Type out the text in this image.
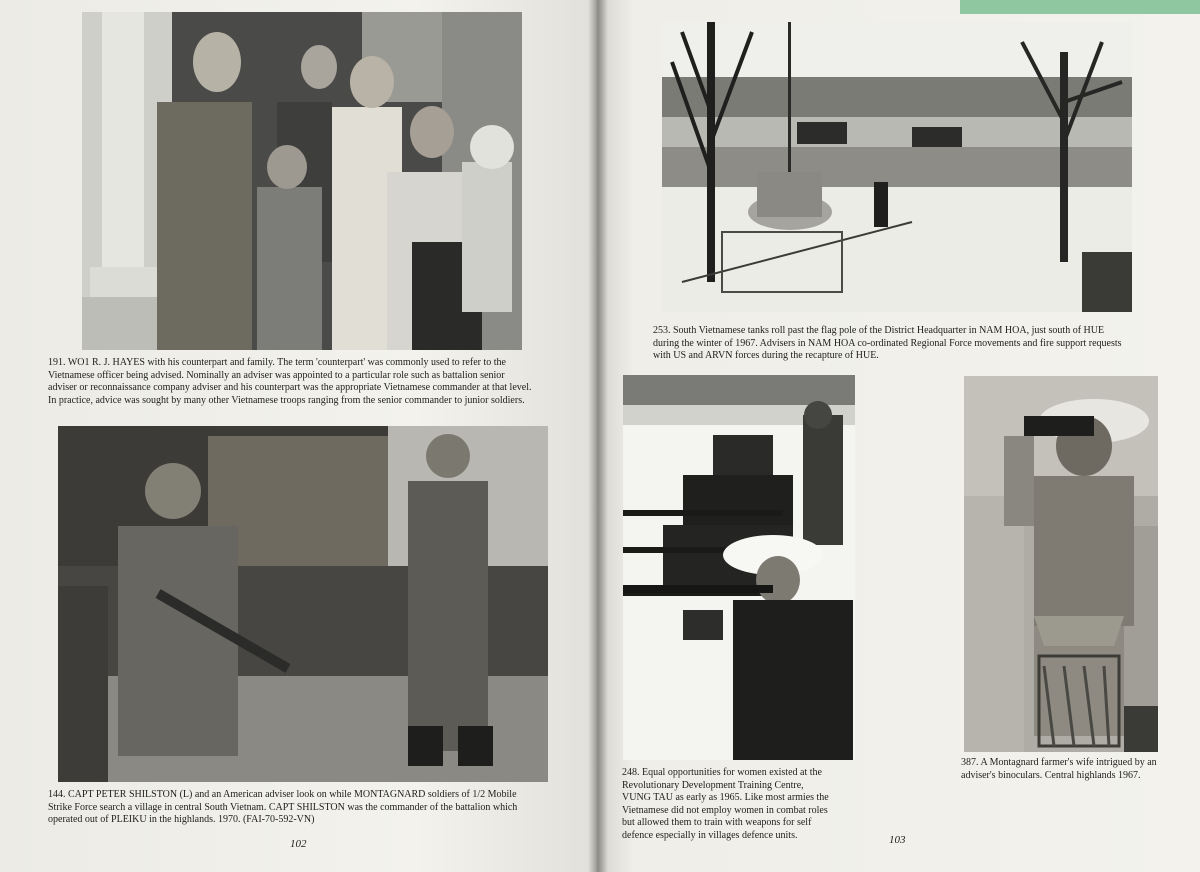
191. WO1 R. J. HAYES with his counterpart and family. The term 'counterpart' was commonly used to refer to the
Vietnamese officer being advised. Nominally an adviser was appointed to a particular role such as battalion senior
adviser or reconnaissance company adviser and his counterpart was the appropriate Vietnamese commander at that level.
In practice, advice was sought by many other Vietnamese troops ranging from the senior commander to junior soldiers.
144. CAPT PETER SHILSTON (L) and an American adviser look on while MONTAGNARD soldiers of 1/2 Mobile
Strike Force search a village in central South Vietnam. CAPT SHILSTON was the commander of the battalion which
operated out of PLEIKU in the highlands. 1970. (FAI-70-592-VN)
102
253. South Vietnamese tanks roll past the flag pole of the District Headquarter in NAM HOA, just south of HUE
during the winter of 1967. Advisers in NAM HOA co-ordinated Regional Force movements and fire support requests
with US and ARVN forces during the recapture of HUE.
248. Equal opportunities for women existed at the
Revolutionary Development Training Centre,
VUNG TAU as early as 1965. Like most armies the
Vietnamese did not employ women in combat roles
but allowed them to train with weapons for self
defence especially in villages defence units.
387. A Montagnard farmer's wife intrigued by an
adviser's binoculars. Central highlands 1967.
103
